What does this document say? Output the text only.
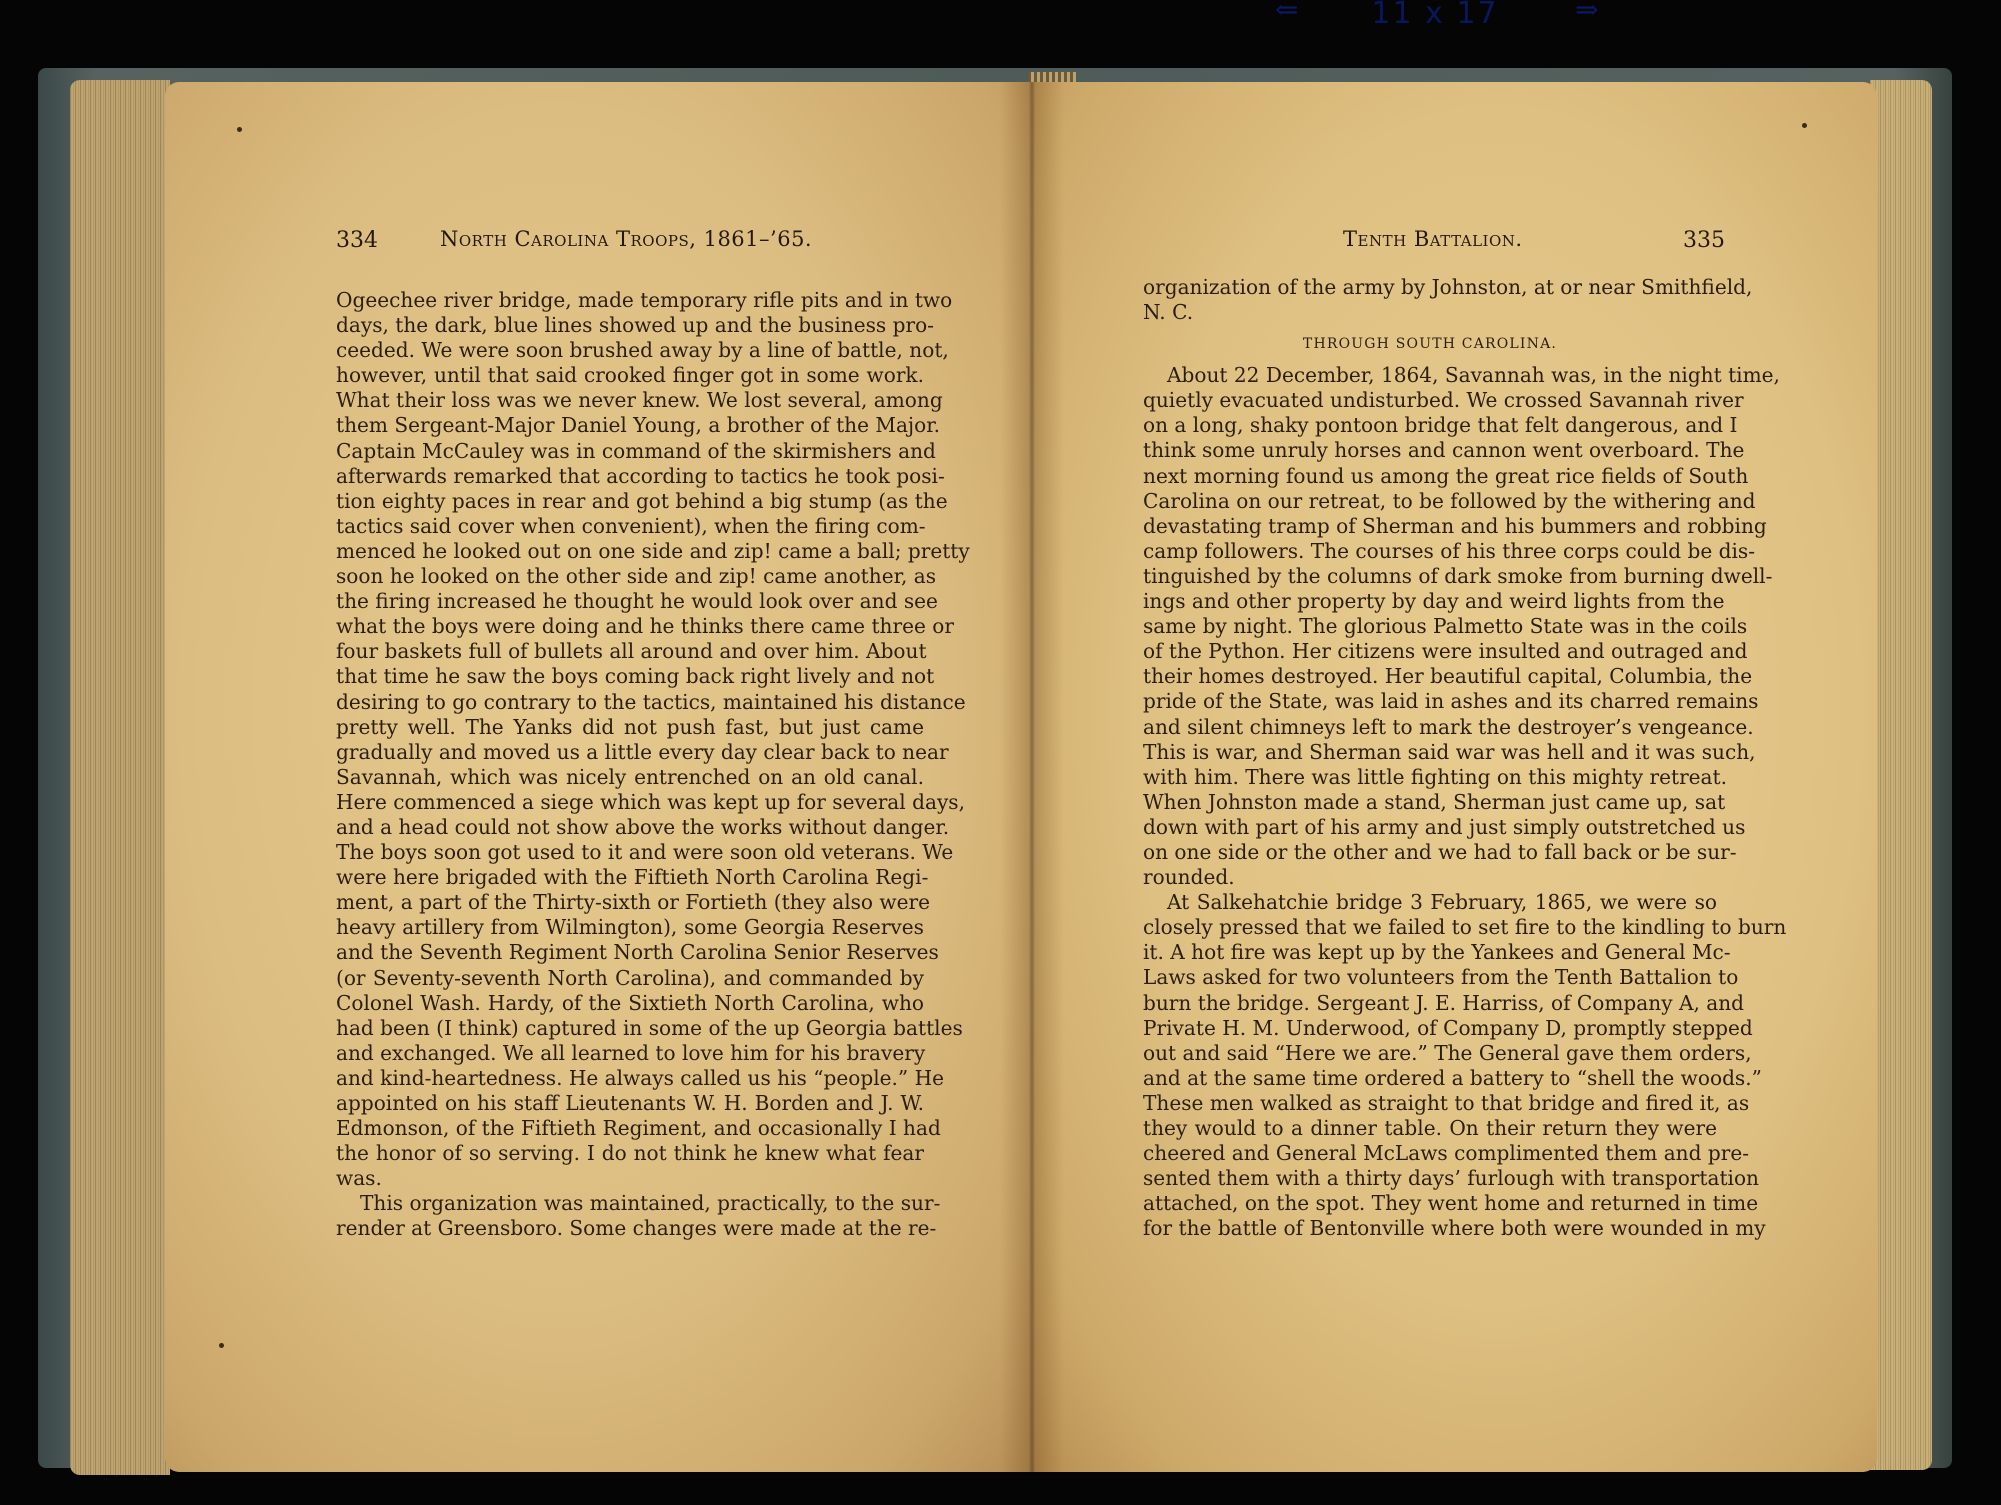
⇐	11 x 17	⇒
334	North Carolina Troops, 1861–’65.
Ogeechee river bridge, made temporary rifle pits and in two
days, the dark, blue lines showed up and the business pro-
ceeded. We were soon brushed away by a line of battle, not,
however, until that said crooked finger got in some work.
What their loss was we never knew. We lost several, among
them Sergeant-Major Daniel Young, a brother of the Major.
Captain McCauley was in command of the skirmishers and
afterwards remarked that according to tactics he took posi-
tion eighty paces in rear and got behind a big stump (as the
tactics said cover when convenient), when the firing com-
menced he looked out on one side and zip! came a ball; pretty
soon he looked on the other side and zip! came another, as
the firing increased he thought he would look over and see
what the boys were doing and he thinks there came three or
four baskets full of bullets all around and over him. About
that time he saw the boys coming back right lively and not
desiring to go contrary to the tactics, maintained his distance
pretty well. The Yanks did not push fast, but just came
gradually and moved us a little every day clear back to near
Savannah, which was nicely entrenched on an old canal.
Here commenced a siege which was kept up for several days,
and a head could not show above the works without danger.
The boys soon got used to it and were soon old veterans. We
were here brigaded with the Fiftieth North Carolina Regi-
ment, a part of the Thirty-sixth or Fortieth (they also were
heavy artillery from Wilmington), some Georgia Reserves
and the Seventh Regiment North Carolina Senior Reserves
(or Seventy-seventh North Carolina), and commanded by
Colonel Wash. Hardy, of the Sixtieth North Carolina, who
had been (I think) captured in some of the up Georgia battles
and exchanged. We all learned to love him for his bravery
and kind-heartedness. He always called us his “people.” He
appointed on his staff Lieutenants W. H. Borden and J. W.
Edmonson, of the Fiftieth Regiment, and occasionally I had
the honor of so serving. I do not think he knew what fear
was.
This organization was maintained, practically, to the sur-
render at Greensboro. Some changes were made at the re-
Tenth Battalion.	335
organization of the army by Johnston, at or near Smithfield,
N. C.
THROUGH SOUTH CAROLINA.
About 22 December, 1864, Savannah was, in the night time,
quietly evacuated undisturbed. We crossed Savannah river
on a long, shaky pontoon bridge that felt dangerous, and I
think some unruly horses and cannon went overboard. The
next morning found us among the great rice fields of South
Carolina on our retreat, to be followed by the withering and
devastating tramp of Sherman and his bummers and robbing
camp followers. The courses of his three corps could be dis-
tinguished by the columns of dark smoke from burning dwell-
ings and other property by day and weird lights from the
same by night. The glorious Palmetto State was in the coils
of the Python. Her citizens were insulted and outraged and
their homes destroyed. Her beautiful capital, Columbia, the
pride of the State, was laid in ashes and its charred remains
and silent chimneys left to mark the destroyer’s vengeance.
This is war, and Sherman said war was hell and it was such,
with him. There was little fighting on this mighty retreat.
When Johnston made a stand, Sherman just came up, sat
down with part of his army and just simply outstretched us
on one side or the other and we had to fall back or be sur-
rounded.
At Salkehatchie bridge 3 February, 1865, we were so
closely pressed that we failed to set fire to the kindling to burn
it. A hot fire was kept up by the Yankees and General Mc-
Laws asked for two volunteers from the Tenth Battalion to
burn the bridge. Sergeant J. E. Harriss, of Company A, and
Private H. M. Underwood, of Company D, promptly stepped
out and said “Here we are.” The General gave them orders,
and at the same time ordered a battery to “shell the woods.”
These men walked as straight to that bridge and fired it, as
they would to a dinner table. On their return they were
cheered and General McLaws complimented them and pre-
sented them with a thirty days’ furlough with transportation
attached, on the spot. They went home and returned in time
for the battle of Bentonville where both were wounded in my
